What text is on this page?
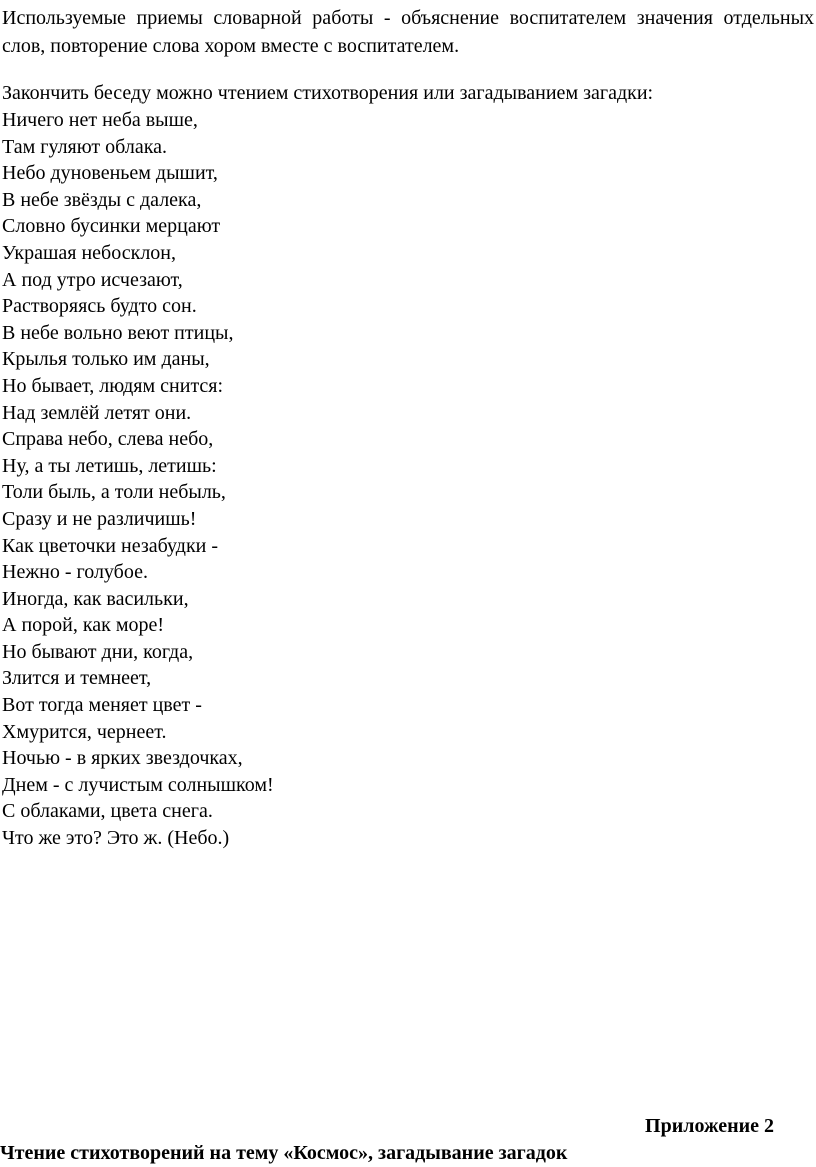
Используемые приемы словарной работы - объяснение воспитателем значения отдельных слов, повторение слова хором вместе с воспитателем.

Закончить беседу можно чтением стихотворения или загадыванием загадки:

Ничего нет неба выше,
Там гуляют облака.
Небо дуновеньем дышит,
В небе звёзды с далека,
Словно бусинки мерцают
Украшая небосклон,
А под утро исчезают,
Растворяясь будто сон.
В небе вольно веют птицы,
Крылья только им даны,
Но бывает, людям снится:
Над землёй летят они.
Справа небо, слева небо,
Ну, а ты летишь, летишь:
Толи быль, а толи небыль,
Сразу и не различишь!
Как цветочки незабудки -
Нежно - голубое.
Иногда, как васильки,
А порой, как море!
Но бывают дни, когда,
Злится и темнеет,
Вот тогда меняет цвет -
Хмурится, чернеет.
Ночью - в ярких звездочках,
Днем - с лучистым солнышком!
С облаками, цвета снега.
Что же это? Это ж. (Небо.)

Приложение 2

Чтение стихотворений на тему «Космос», загадывание загадок
